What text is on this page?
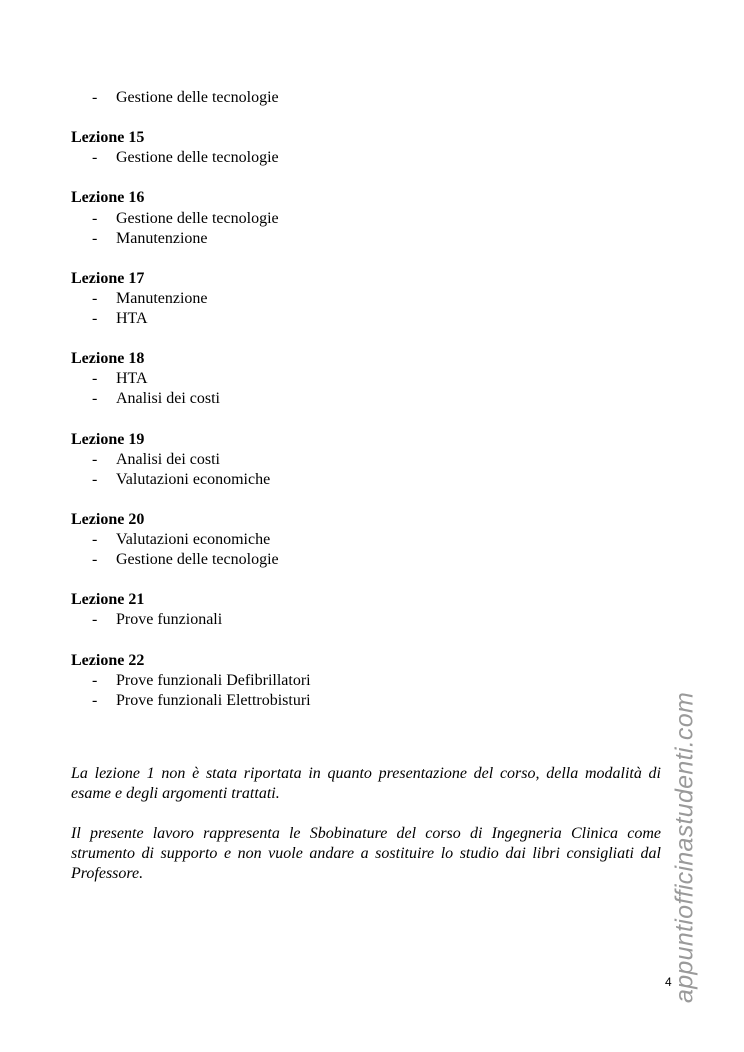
-	Gestione delle tecnologie
Lezione 15
-	Gestione delle tecnologie
Lezione 16
-	Gestione delle tecnologie
-	Manutenzione
Lezione 17
-	Manutenzione
-	HTA
Lezione 18
-	HTA
-	Analisi dei costi
Lezione 19
-	Analisi dei costi
-	Valutazioni economiche
Lezione 20
-	Valutazioni economiche
-	Gestione delle tecnologie
Lezione 21
-	Prove funzionali
Lezione 22
-	Prove funzionali Defibrillatori
-	Prove funzionali Elettrobisturi

La lezione 1 non è stata riportata in quanto presentazione del corso, della modalità di esame e degli argomenti trattati.

Il presente lavoro rappresenta le Sbobinature del corso di Ingegneria Clinica come strumento di supporto e non vuole andare a sostituire lo studio dai libri consigliati dal Professore.

4
appuntiofficinastudenti.com
